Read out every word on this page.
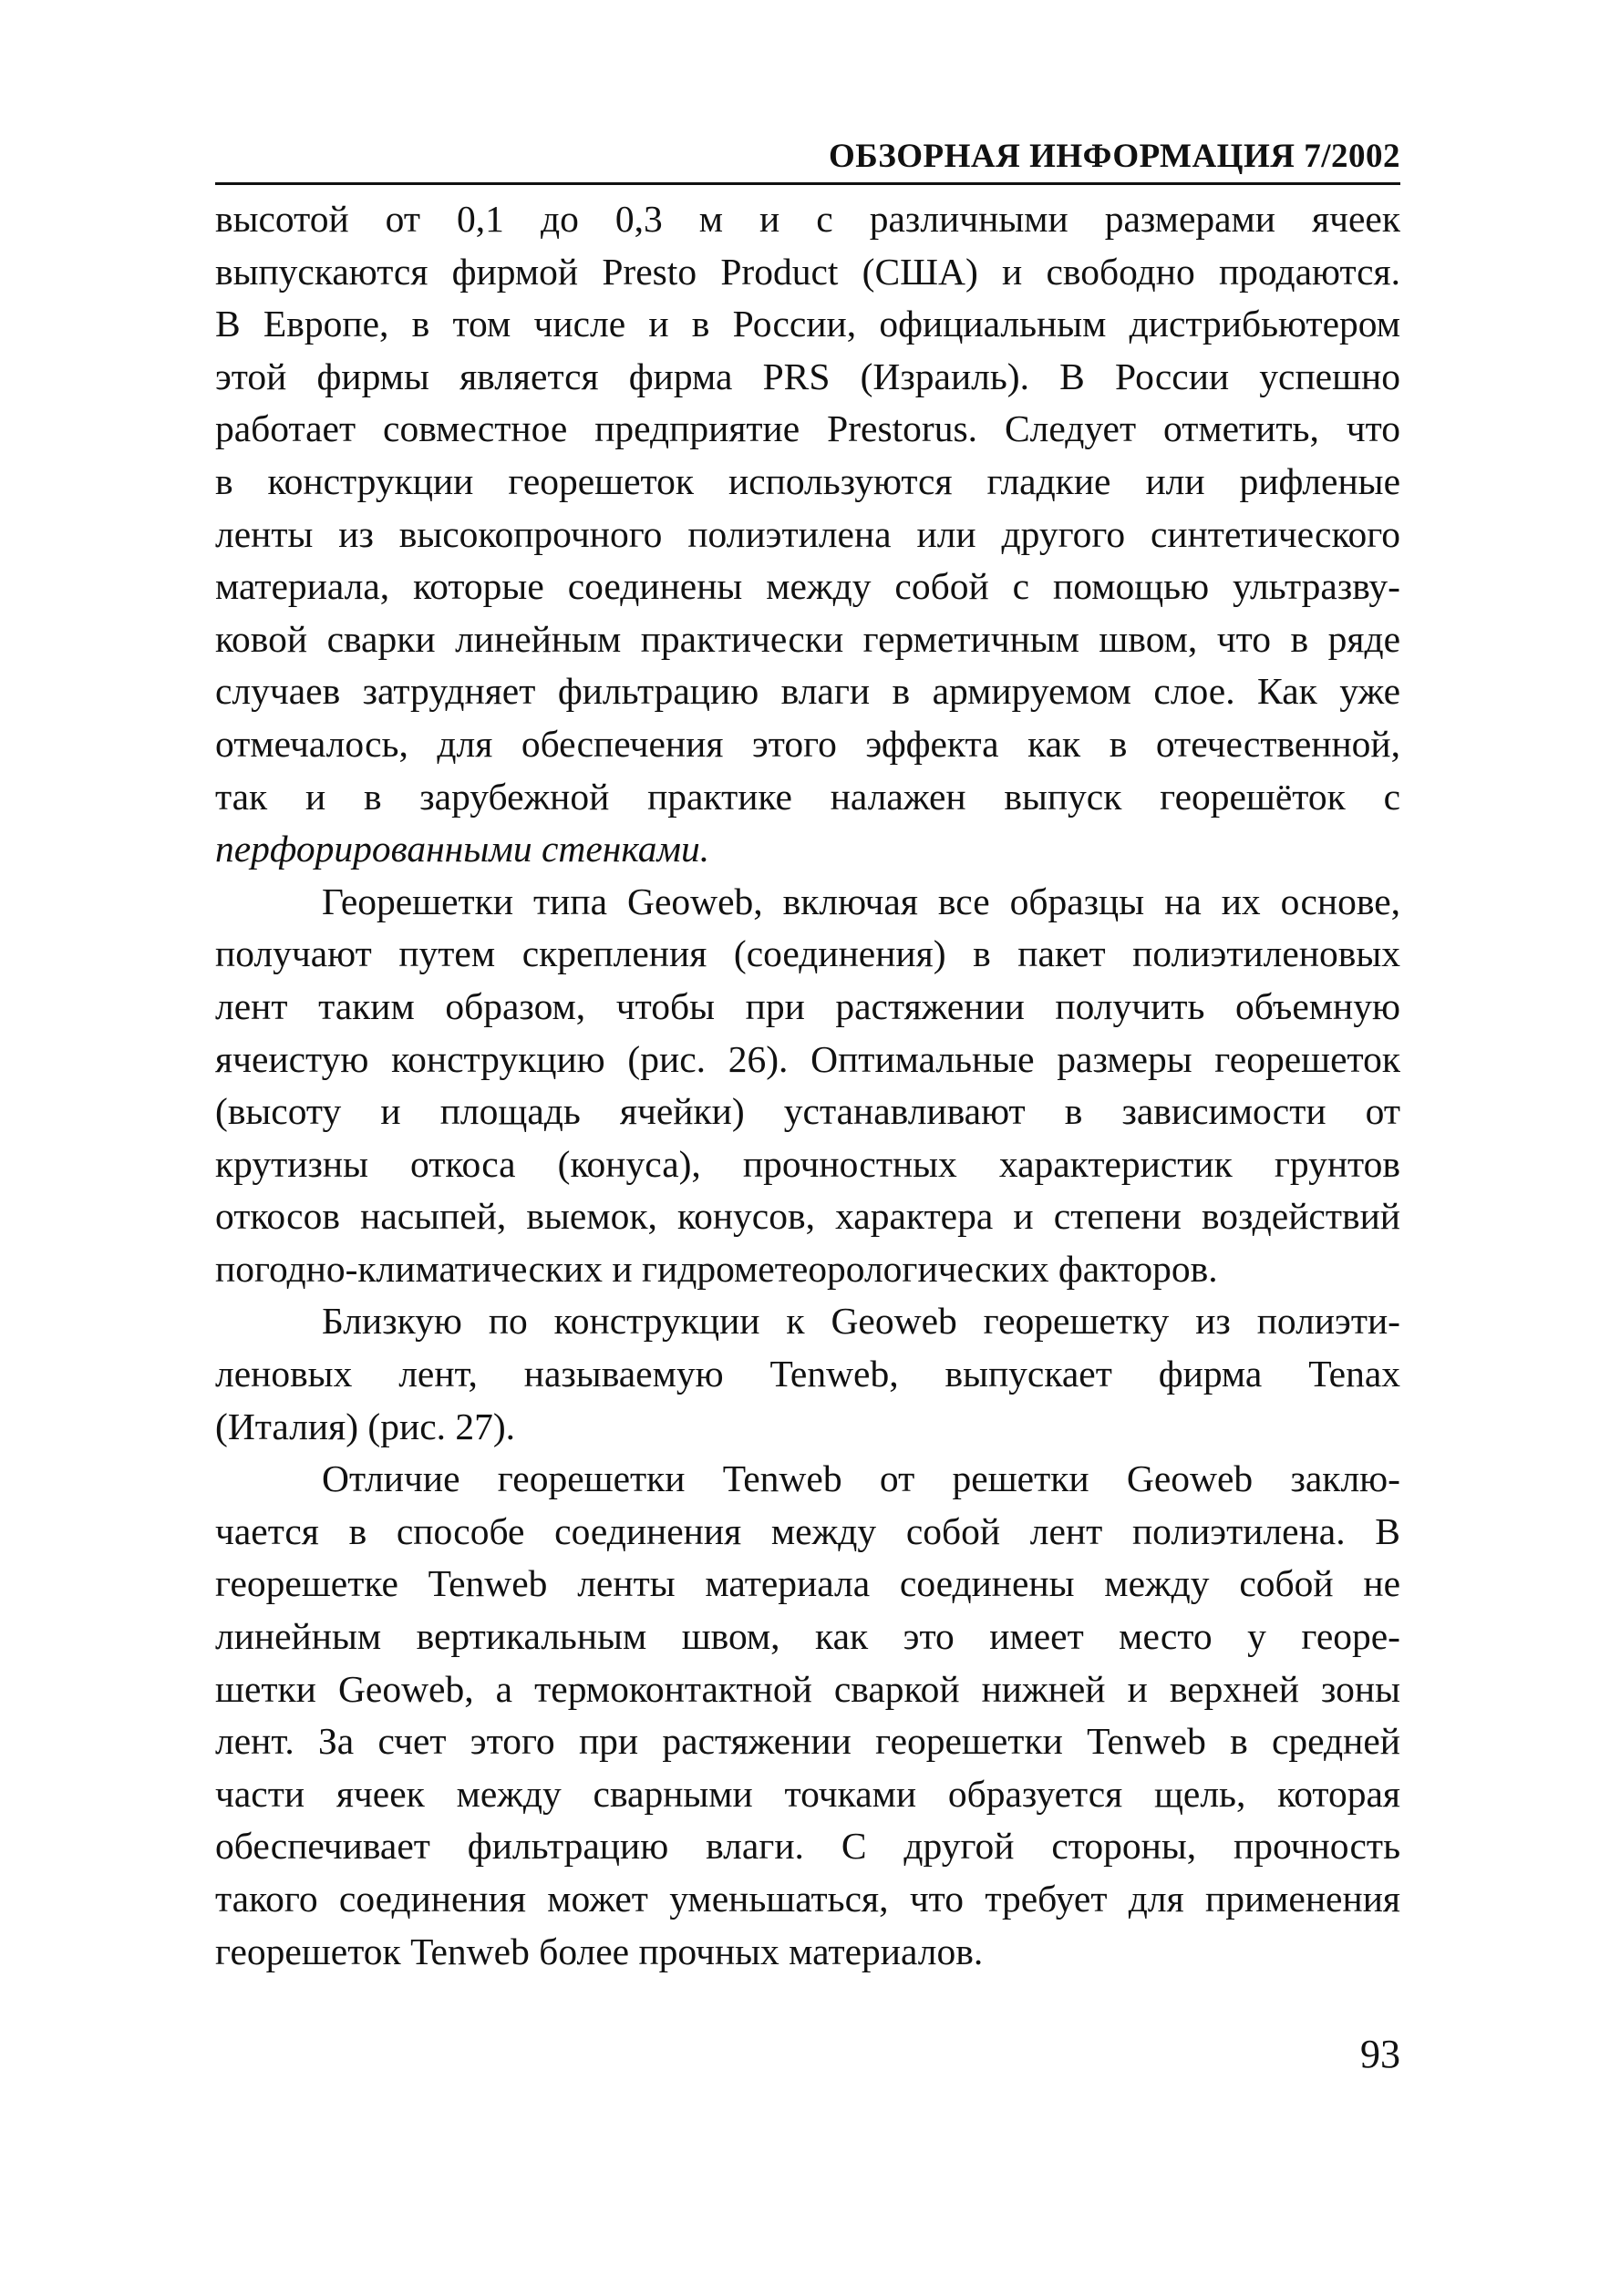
ОБЗОРНАЯ ИНФОРМАЦИЯ 7/2002
высотой от 0,1 до 0,3 м и с различными размерами ячеек
выпускаются фирмой Presto Product (США) и свободно продаются.
В Европе, в том числе и в России, официальным дистрибьютером
этой фирмы является фирма PRS (Израиль). В России успешно
работает совместное предприятие Prestorus. Следует отметить, что
в конструкции георешеток используются гладкие или рифленые
ленты из высокопрочного полиэтилена или другого синтетического
материала, которые соединены между собой с помощью ультразву-
ковой сварки линейным практически герметичным швом, что в ряде
случаев затрудняет фильтрацию влаги в армируемом слое. Как уже
отмечалось, для обеспечения этого эффекта как в отечественной,
так и в зарубежной практике налажен выпуск георешёток с
перфорированными стенками.
Георешетки типа Geoweb, включая все образцы на их основе,
получают путем скрепления (соединения) в пакет полиэтиленовых
лент таким образом, чтобы при растяжении получить объемную
ячеистую конструкцию (рис. 26). Оптимальные размеры георешеток
(высоту и площадь ячейки) устанавливают в зависимости от
крутизны откоса (конуса), прочностных характеристик грунтов
откосов насыпей, выемок, конусов, характера и степени воздействий
погодно-климатических и гидрометеорологических факторов.
Близкую по конструкции к Geoweb георешетку из полиэти-
леновых лент, называемую Tenweb, выпускает фирма Tenax
(Италия) (рис. 27).
Отличие георешетки Tenweb от решетки Geoweb заклю-
чается в способе соединения между собой лент полиэтилена. В
георешетке Tenweb ленты материала соединены между собой не
линейным вертикальным швом, как это имеет место у георе-
шетки Geoweb, а термоконтактной сваркой нижней и верхней зоны
лент. За счет этого при растяжении георешетки Tenweb в средней
части ячеек между сварными точками образуется щель, которая
обеспечивает фильтрацию влаги. С другой стороны, прочность
такого соединения может уменьшаться, что требует для применения
георешеток Tenweb более прочных материалов.
93
